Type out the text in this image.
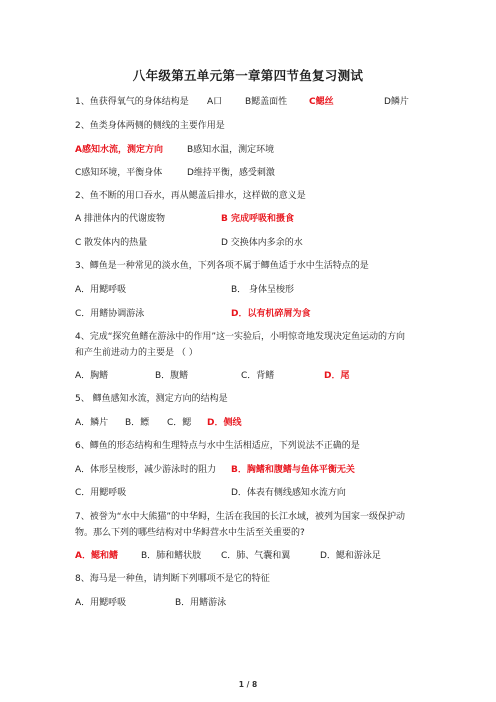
八年级第五单元第一章第四节鱼复习测试
1、鱼获得氧气的身体结构是 A口	B鳃盖面性 C鳃丝	D鳞片
2、鱼类身体两侧的侧线的主要作用是
A感知水流，测定方向	B感知水温，测定环境
C感知环境，平衡身体	D维持平衡，感受刺激
2、鱼不断的用口吞水，再从鳃盖后排水，这样做的意义是
A 排泄体内的代谢废物	B 完成呼吸和摄食
C 散发体内的热量	D 交换体内多余的水
3、鲫鱼是一种常见的淡水鱼，下列各项不属于鲫鱼适于水中生活特点的是
A．用鳃呼吸	B． 身体呈梭形
C．用鳍协调游泳	D．以有机碎屑为食
4、完成“探究鱼鳍在游泳中的作用”这一实验后，小明惊奇地发现决定鱼运动的方向
和产生前进动力的主要是 （ ）
A．胸鳍	B．腹鳍	C．背鳍	D．尾
5、 鲫鱼感知水流，测定方向的结构是
A．鳞片 B．鳔 C．鳃 D．侧线
6、鲫鱼的形态结构和生理特点与水中生活相适应，下列说法不正确的是
A．体形呈梭形，减少游泳时的阻力 B．胸鳍和腹鳍与鱼体平衡无关
C．用鳃呼吸	D．体表有侧线感知水流方向
7、被誉为“水中大熊猫”的中华鲟，生活在我国的长江水域，被列为国家一级保护动
物。那么下列的哪些结构对中华鲟营水中生活至关重要的?
A．鳃和鳍	B．肺和鳍状肢 C．肺、气囊和翼	D．鳃和游泳足
8、海马是一种鱼，请判断下列哪项不是它的特征
A．用鳃呼吸	B．用鳍游泳
1 / 8
